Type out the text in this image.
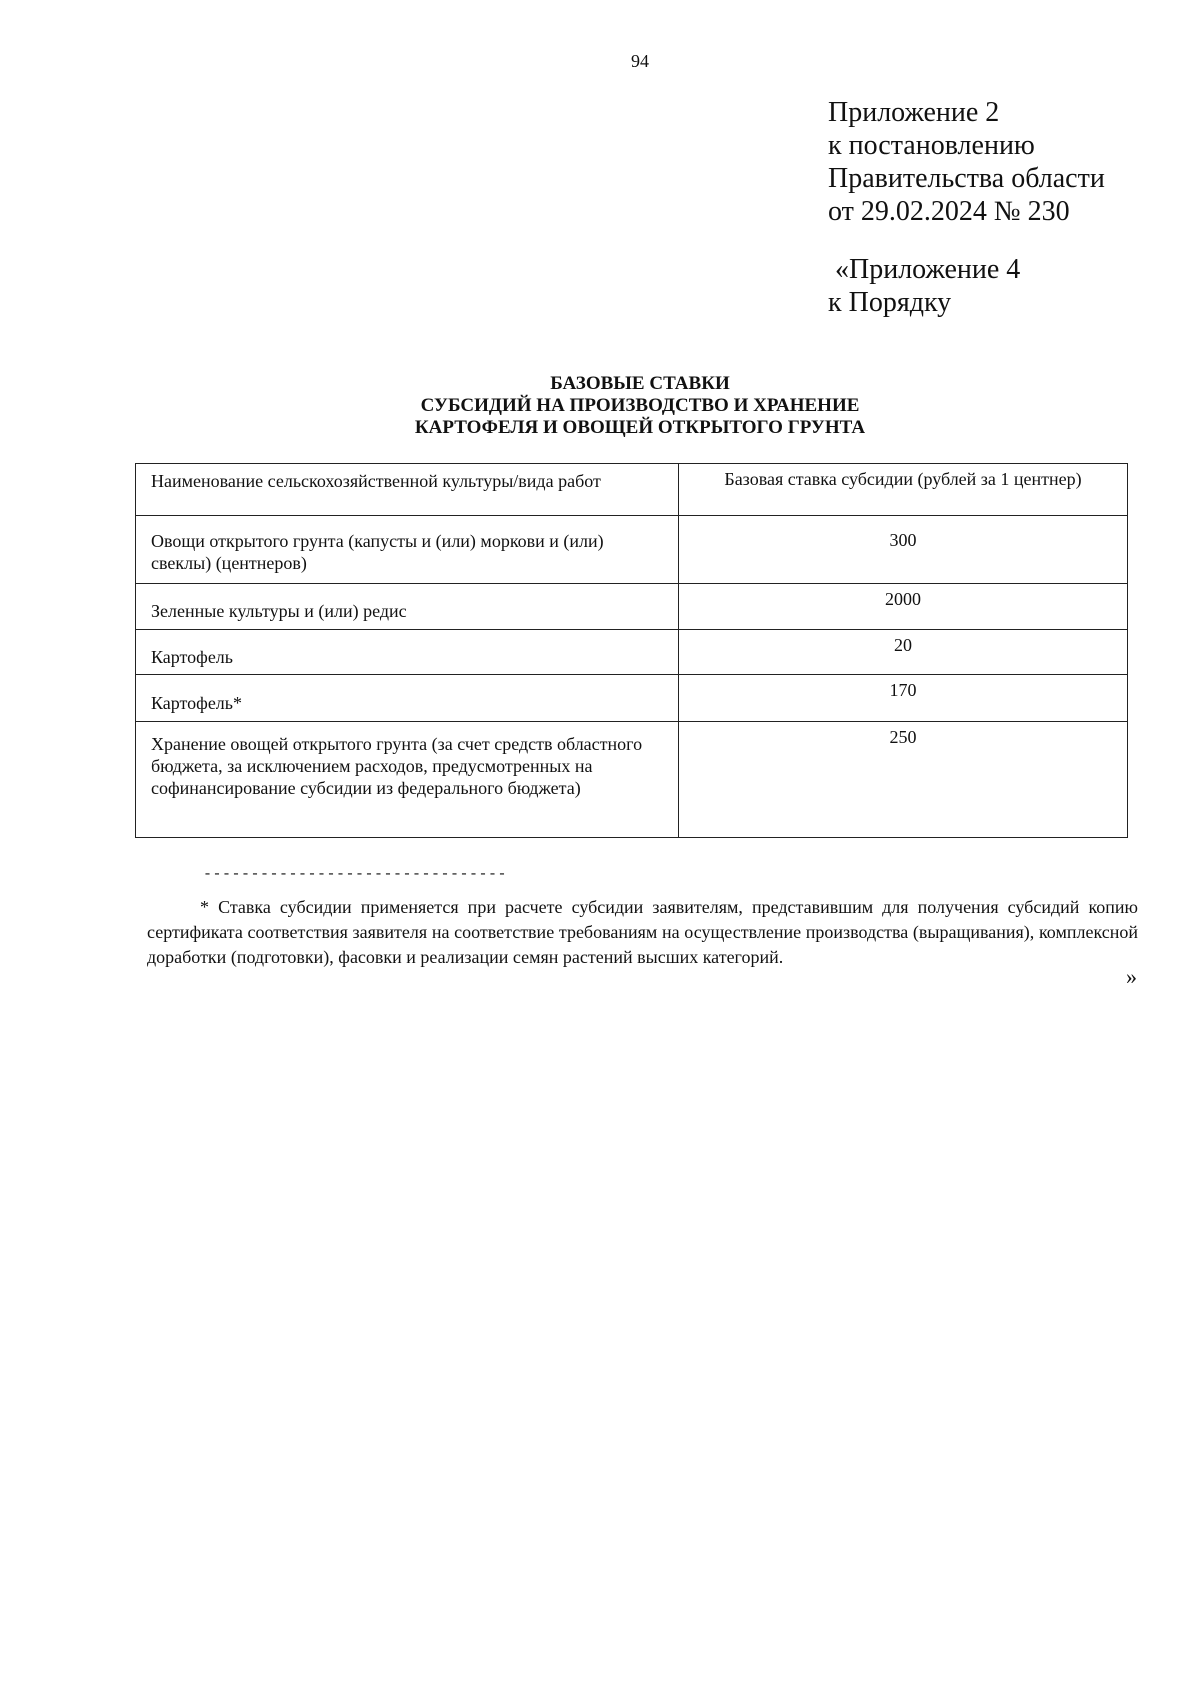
94
Приложение 2
к постановлению
Правительства области
от 29.02.2024 № 230
«Приложение 4
к Порядку
БАЗОВЫЕ СТАВКИ
СУБСИДИЙ НА ПРОИЗВОДСТВО И ХРАНЕНИЕ
КАРТОФЕЛЯ И ОВОЩЕЙ ОТКРЫТОГО ГРУНТА
Наименование сельскохозяйственной культуры/вида работ	Базовая ставка субсидии (рублей за 1 центнер)
Овощи открытого грунта (капусты и (или) моркови и (или) свеклы) (центнеров)	300
Зеленные культуры и (или) редис	2000
Картофель	20
Картофель*	170
Хранение овощей открытого грунта (за счет средств областного бюджета, за исключением расходов, предусмотренных на софинансирование субсидии из федерального бюджета)	250
--------------------------------
* Ставка субсидии применяется при расчете субсидии заявителям, представившим для получения субсидий копию сертификата соответствия заявителя на соответствие требованиям на осуществление производства (выращивания), комплексной доработки (подготовки), фасовки и реализации семян растений высших категорий.
»
